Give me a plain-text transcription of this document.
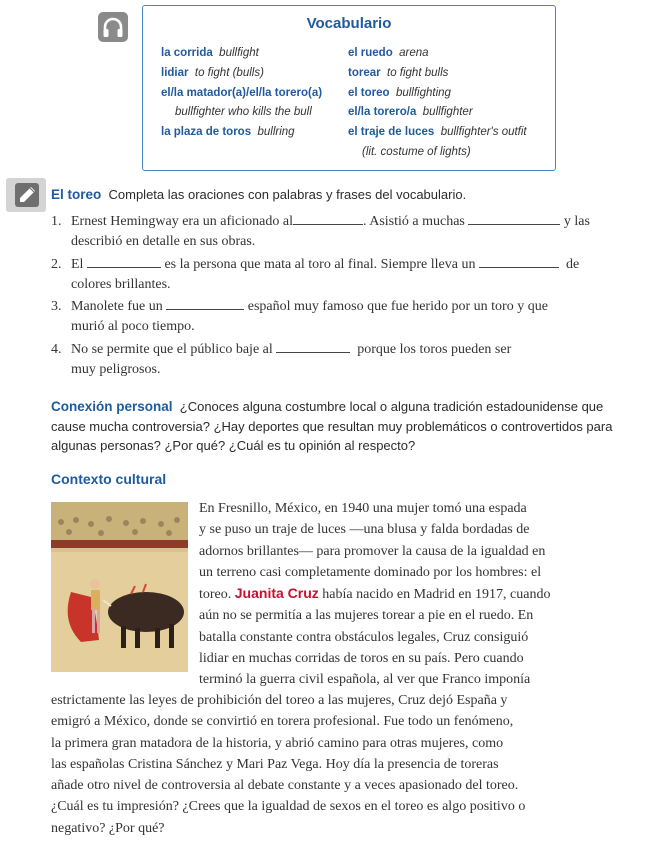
Vocabulario
la corrida bullfight
lidiar to fight (bulls)
el/la matador(a)/el/la torero(a)
bullfighter who kills the bull
la plaza de toros bullring
el ruedo arena
torear to fight bulls
el toreo bullfighting
el/la torero/a bullfighter
el traje de luces bullfighter's outfit
(lit. costume of lights)
El toreo Completa las oraciones con palabras y frases del vocabulario.
1. Ernest Hemingway era un aficionado al	. Asistió a muchas	y las
describió en detalle en sus obras.
2. El	es la persona que mata al toro al final. Siempre lleva un	de
colores brillantes.
3. Manolete fue un	español muy famoso que fue herido por un toro y que
murió al poco tiempo.
4. No se permite que el público baje al	porque los toros pueden ser
muy peligrosos.
Conexión personal ¿Conoces alguna costumbre local o alguna tradición estadounidense que
cause mucha controversia? ¿Hay deportes que resultan muy problemáticos o controvertidos para
algunas personas? ¿Por qué? ¿Cuál es tu opinión al respecto?
Contexto cultural
En Fresnillo, México, en 1940 una mujer tomó una espada
y se puso un traje de luces —una blusa y falda bordadas de
adornos brillantes— para promover la causa de la igualdad en
un terreno casi completamente dominado por los hombres: el
toreo. Juanita Cruz había nacido en Madrid en 1917, cuando
aún no se permitía a las mujeres torear a pie en el ruedo. En
batalla constante contra obstáculos legales, Cruz consiguió
lidiar en muchas corridas de toros en su país. Pero cuando
terminó la guerra civil española, al ver que Franco imponía
estrictamente las leyes de prohibición del toreo a las mujeres, Cruz dejó España y
emigró a México, donde se convirtió en torera profesional. Fue todo un fenómeno,
la primera gran matadora de la historia, y abrió camino para otras mujeres, como
las españolas Cristina Sánchez y Mari Paz Vega. Hoy día la presencia de toreras
añade otro nivel de controversia al debate constante y a veces apasionado del toreo.
¿Cuál es tu impresión? ¿Crees que la igualdad de sexos en el toreo es algo positivo o
negativo? ¿Por qué?
